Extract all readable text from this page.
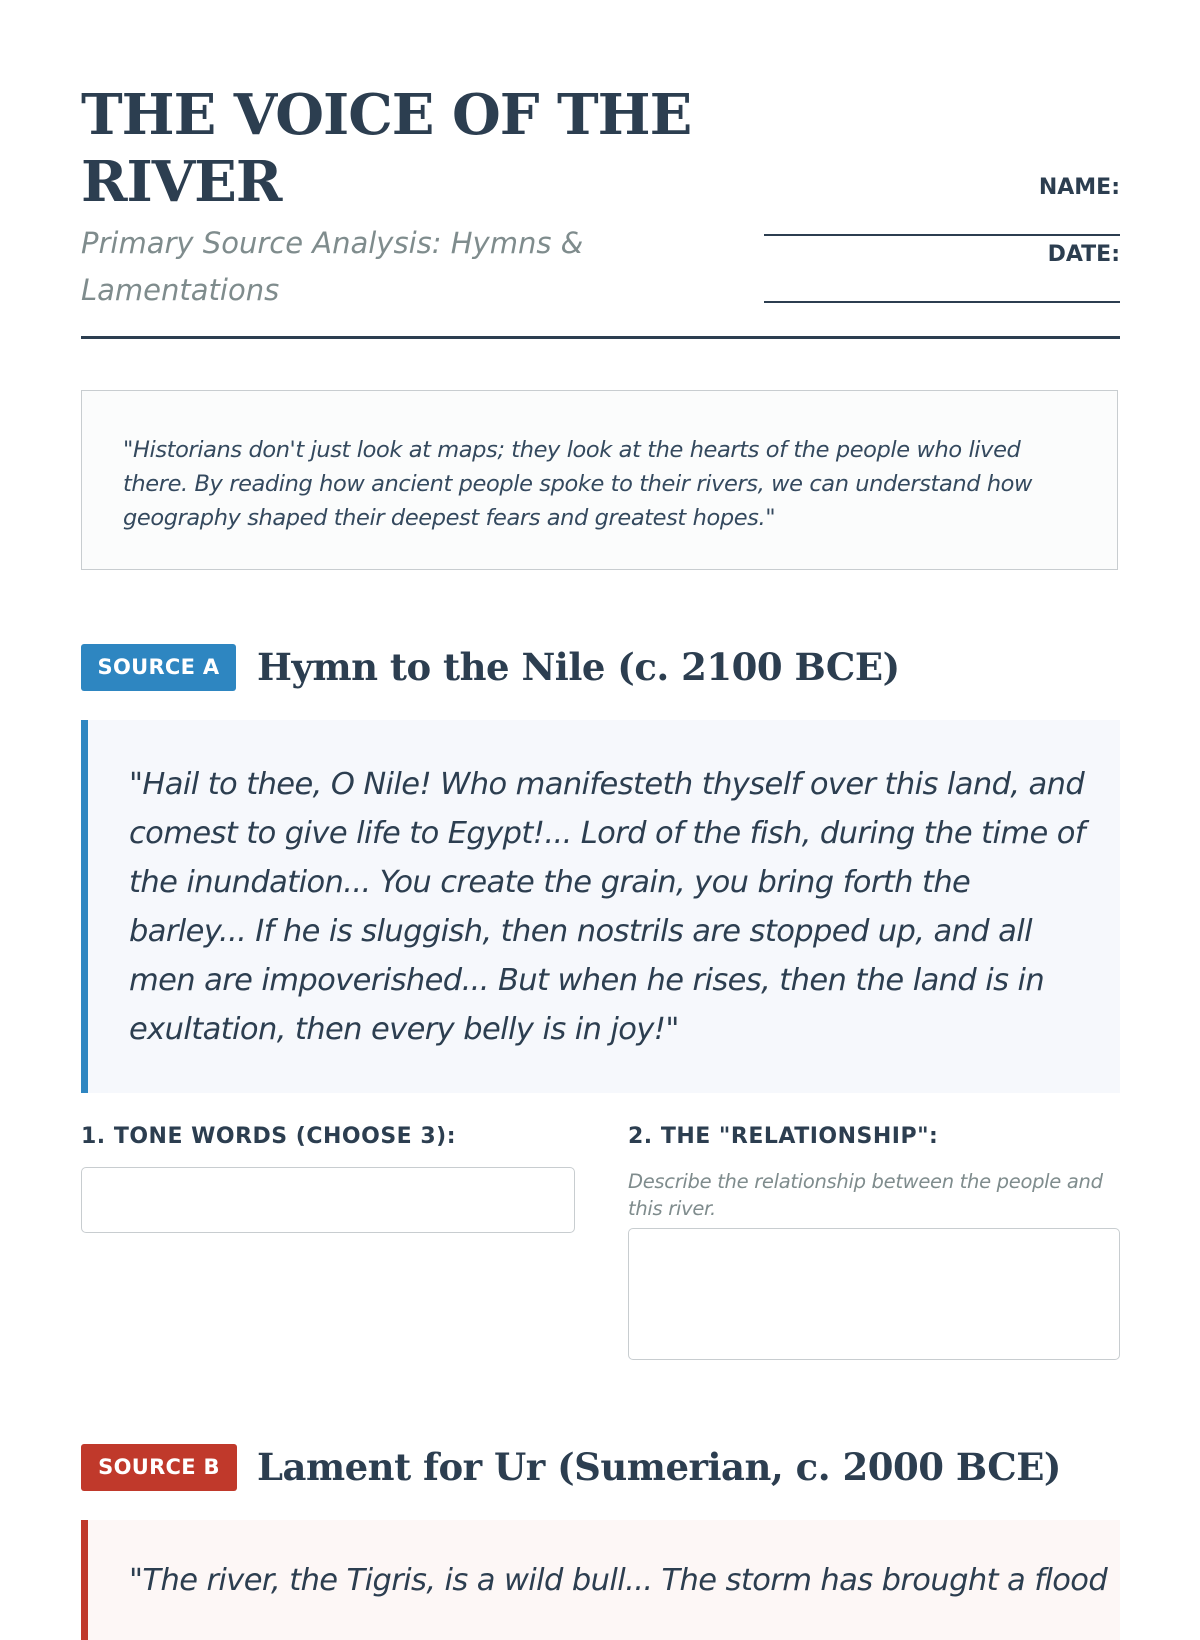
THE VOICE OF THE RIVER
Primary Source Analysis: Hymns & Lamentations
NAME:
DATE:
"Historians don't just look at maps; they look at the hearts of the people who lived there. By reading how ancient people spoke to their rivers, we can understand how geography shaped their deepest fears and greatest hopes."
SOURCE A	Hymn to the Nile (c. 2100 BCE)
"Hail to thee, O Nile! Who manifesteth thyself over this land, and comest to give life to Egypt!... Lord of the fish, during the time of the inundation... You create the grain, you bring forth the barley... If he is sluggish, then nostrils are stopped up, and all men are impoverished... But when he rises, then the land is in exultation, then every belly is in joy!"
1. TONE WORDS (CHOOSE 3):	2. THE "RELATIONSHIP":
Describe the relationship between the people and this river.
SOURCE B	Lament for Ur (Sumerian, c. 2000 BCE)
"The river, the Tigris, is a wild bull... The storm has brought a flood
